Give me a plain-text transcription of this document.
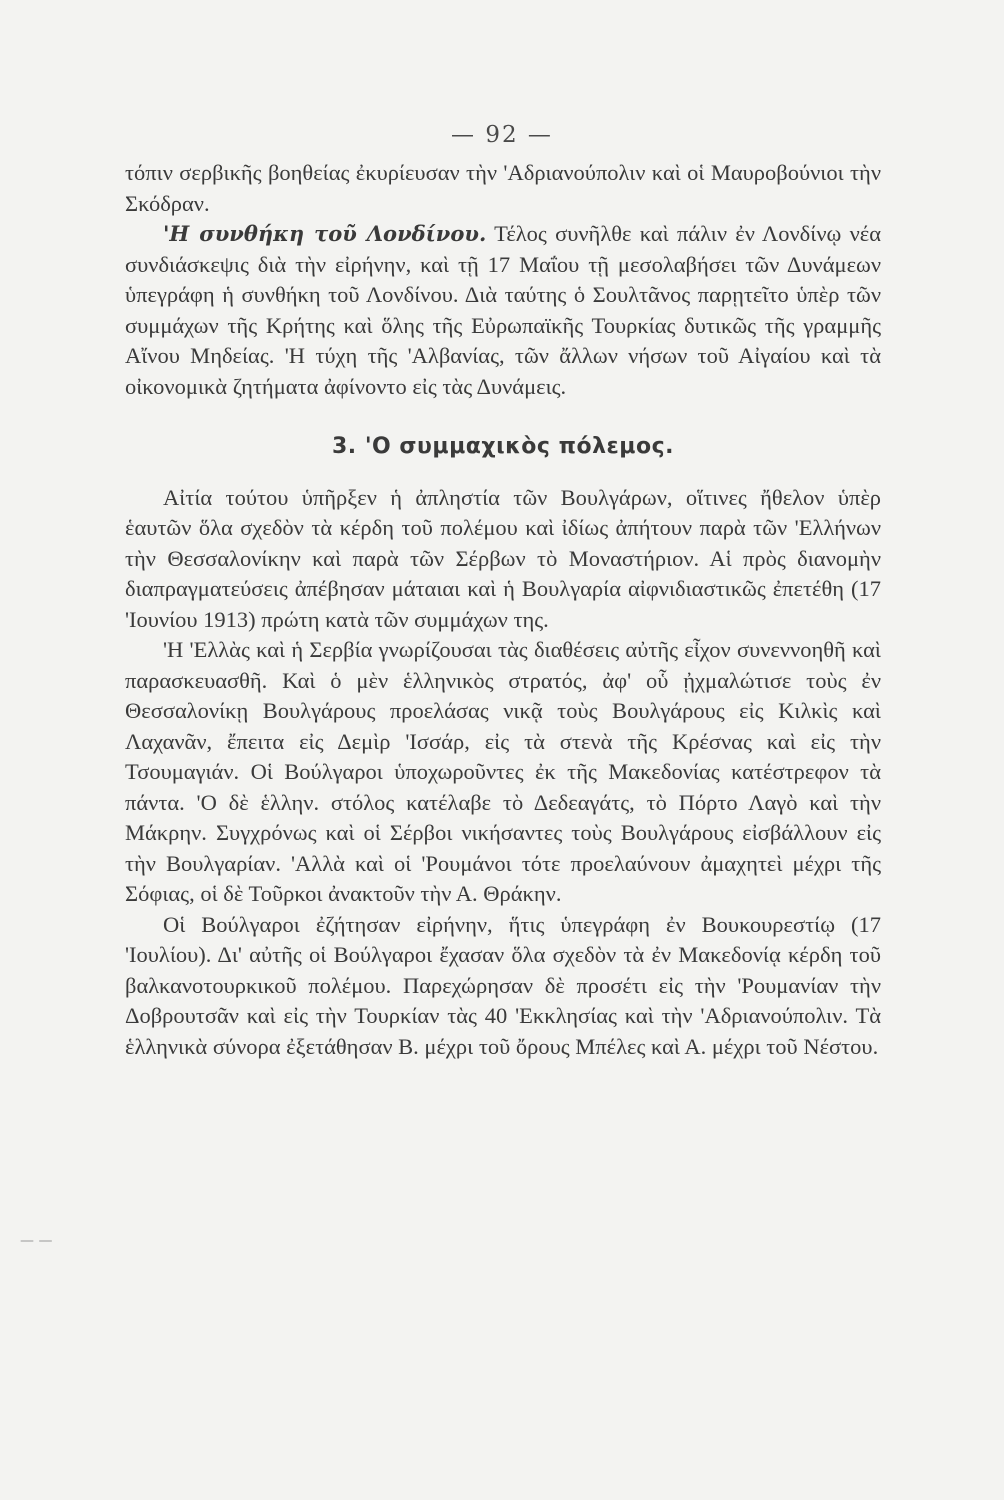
— 92 —
— —

τόπιν σερβικῆς βοηθείας ἐκυρίευσαν τὴν 'Αδριανούπολιν καὶ οἱ Μαυροβούνιοι τὴν Σκόδραν.

'Η συνθήκη τοῦ Λονδίνου. Τέλος συνῆλθε καὶ πάλιν ἐν Λονδίνῳ νέα συνδιάσκεψις διὰ τὴν εἰρήνην, καὶ τῇ 17 Μαΐου τῇ μεσολαβήσει τῶν Δυνάμεων ὑπεγράφη ἡ συνθήκη τοῦ Λονδίνου. Διὰ ταύτης ὁ Σουλτᾶνος παρῃτεῖτο ὑπὲρ τῶν συμμάχων τῆς Κρήτης καὶ ὅλης τῆς Εὐρωπαϊκῆς Τουρκίας δυτικῶς τῆς γραμμῆς Αἴνου Μηδείας. 'Η τύχη τῆς 'Αλβανίας, τῶν ἄλλων νήσων τοῦ Αἰγαίου καὶ τὰ οἰκονομικὰ ζητήματα ἀφίνοντο εἰς τὰς Δυνάμεις.

3. 'Ο συμμαχικὸς πόλεμος.

Αἰτία τούτου ὑπῆρξεν ἡ ἀπληστία τῶν Βουλγάρων, οἵτινες ἤθελον ὑπὲρ ἑαυτῶν ὅλα σχεδὸν τὰ κέρδη τοῦ πολέμου καὶ ἰδίως ἀπήτουν παρὰ τῶν 'Ελλήνων τὴν Θεσσαλονίκην καὶ παρὰ τῶν Σέρβων τὸ Μοναστήριον. Αἱ πρὸς διανομὴν διαπραγματεύσεις ἀπέβησαν μάταιαι καὶ ἡ Βουλγαρία αἰφνιδιαστικῶς ἐπετέθη (17 'Ιουνίου 1913) πρώτη κατὰ τῶν συμμάχων της.

'Η 'Ελλὰς καὶ ἡ Σερβία γνωρίζουσαι τὰς διαθέσεις αὐτῆς εἶχον συνεννοηθῆ καὶ παρασκευασθῆ. Καὶ ὁ μὲν ἑλληνικὸς στρατός, ἀφ' οὗ ᾐχμαλώτισε τοὺς ἐν Θεσσαλονίκῃ Βουλγάρους προελάσας νικᾷ τοὺς Βουλγάρους εἰς Κιλκὶς καὶ Λαχανᾶν, ἔπειτα εἰς Δεμὶρ 'Ισσάρ, εἰς τὰ στενὰ τῆς Κρέσνας καὶ εἰς τὴν Τσουμαγιάν. Οἱ Βούλγαροι ὑποχωροῦντες ἐκ τῆς Μακεδονίας κατέστρεφον τὰ πάντα. 'Ο δὲ ἑλλην. στόλος κατέλαβε τὸ Δεδεαγάτς, τὸ Πόρτο Λαγὸ καὶ τὴν Μάκρην. Συγχρόνως καὶ οἱ Σέρβοι νικήσαντες τοὺς Βουλγάρους εἰσβάλλουν εἰς τὴν Βουλγαρίαν. 'Αλλὰ καὶ οἱ 'Ρουμάνοι τότε προελαύνουν ἀμαχητεὶ μέχρι τῆς Σόφιας, οἱ δὲ Τοῦρκοι ἀνακτοῦν τὴν Α. Θράκην.

Οἱ Βούλγαροι ἐζήτησαν εἰρήνην, ἥτις ὑπεγράφη ἐν Βουκουρεστίῳ (17 'Ιουλίου). Δι' αὐτῆς οἱ Βούλγαροι ἔχασαν ὅλα σχεδὸν τὰ ἐν Μακεδονίᾳ κέρδη τοῦ βαλκανοτουρκικοῦ πολέμου. Παρεχώρησαν δὲ προσέτι εἰς τὴν 'Ρουμανίαν τὴν Δοβρουτσᾶν καὶ εἰς τὴν Τουρκίαν τὰς 40 'Εκκλησίας καὶ τὴν 'Αδριανούπολιν. Τὰ ἑλληνικὰ σύνορα ἐξετάθησαν Β. μέχρι τοῦ ὄρους Μπέλες καὶ Α. μέχρι τοῦ Νέστου.
